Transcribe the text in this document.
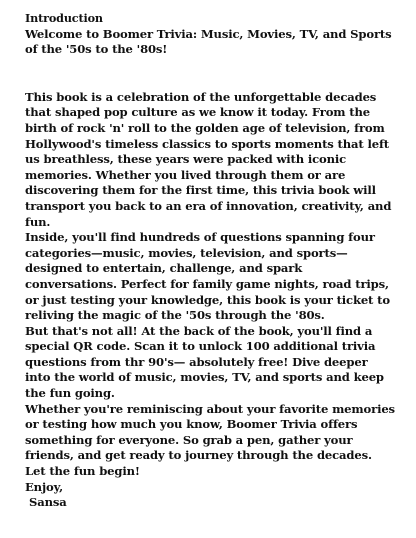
Introduction

Welcome to Boomer Trivia: Music, Movies, TV, and Sports of the '50s to the '80s!

This book is a celebration of the unforgettable decades that shaped pop culture as we know it today. From the birth of rock 'n' roll to the golden age of television, from Hollywood's timeless classics to sports moments that left us breathless, these years were packed with iconic memories. Whether you lived through them or are discovering them for the first time, this trivia book will transport you back to an era of innovation, creativity, and fun.

Inside, you'll find hundreds of questions spanning four categories—music, movies, television, and sports—designed to entertain, challenge, and spark conversations. Perfect for family game nights, road trips, or just testing your knowledge, this book is your ticket to reliving the magic of the '50s through the '80s.

But that's not all! At the back of the book, you'll find a special QR code. Scan it to unlock 100 additional trivia questions from thr 90's— absolutely free! Dive deeper into the world of music, movies, TV, and sports and keep the fun going.

Whether you're reminiscing about your favorite memories or testing how much you know, Boomer Trivia offers something for everyone. So grab a pen, gather your friends, and get ready to journey through the decades. Let the fun begin!

Enjoy,

Sansa
